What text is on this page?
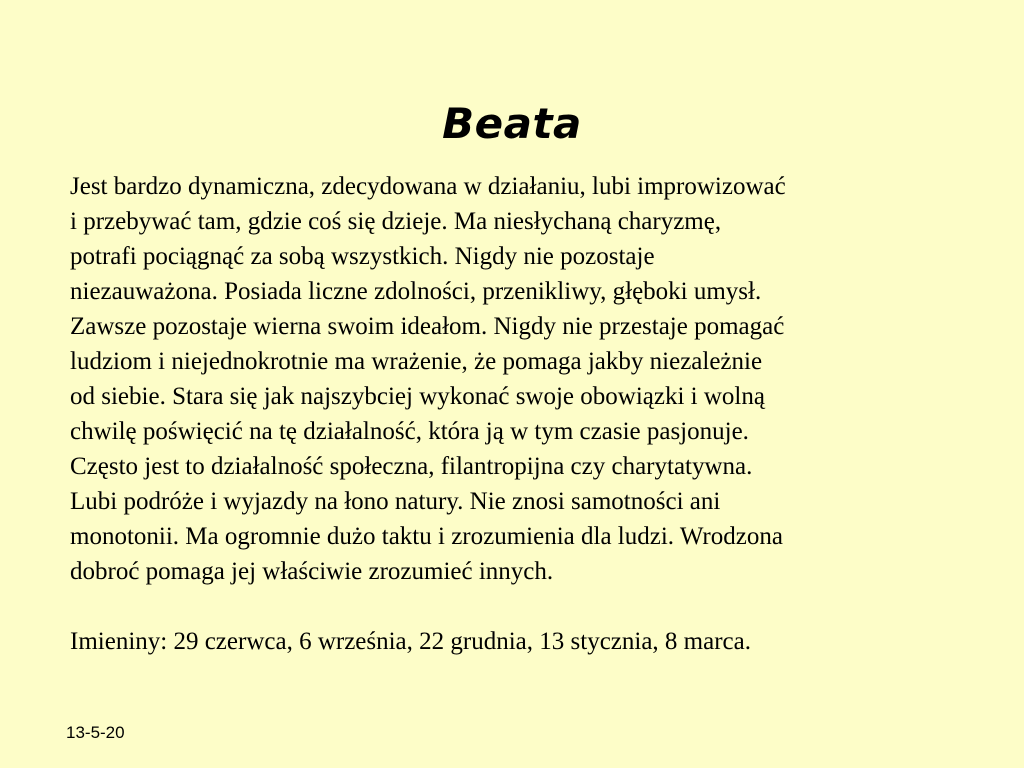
Beata

Jest bardzo dynamiczna, zdecydowana w działaniu, lubi improwizować
i przebywać tam, gdzie coś się dzieje. Ma niesłychaną charyzmę,
potrafi pociągnąć za sobą wszystkich. Nigdy nie pozostaje
niezauważona. Posiada liczne zdolności, przenikliwy, głęboki umysł.
Zawsze pozostaje wierna swoim ideałom. Nigdy nie przestaje pomagać
ludziom i niejednokrotnie ma wrażenie, że pomaga jakby niezależnie
od siebie. Stara się jak najszybciej wykonać swoje obowiązki i wolną
chwilę poświęcić na tę działalność, która ją w tym czasie pasjonuje.
Często jest to działalność społeczna, filantropijna czy charytatywna.
Lubi podróże i wyjazdy na łono natury. Nie znosi samotności ani
monotonii. Ma ogromnie dużo taktu i zrozumienia dla ludzi. Wrodzona
dobroć pomaga jej właściwie zrozumieć innych.

Imieniny: 29 czerwca, 6 września, 22 grudnia, 13 stycznia, 8 marca.

13-5-20
